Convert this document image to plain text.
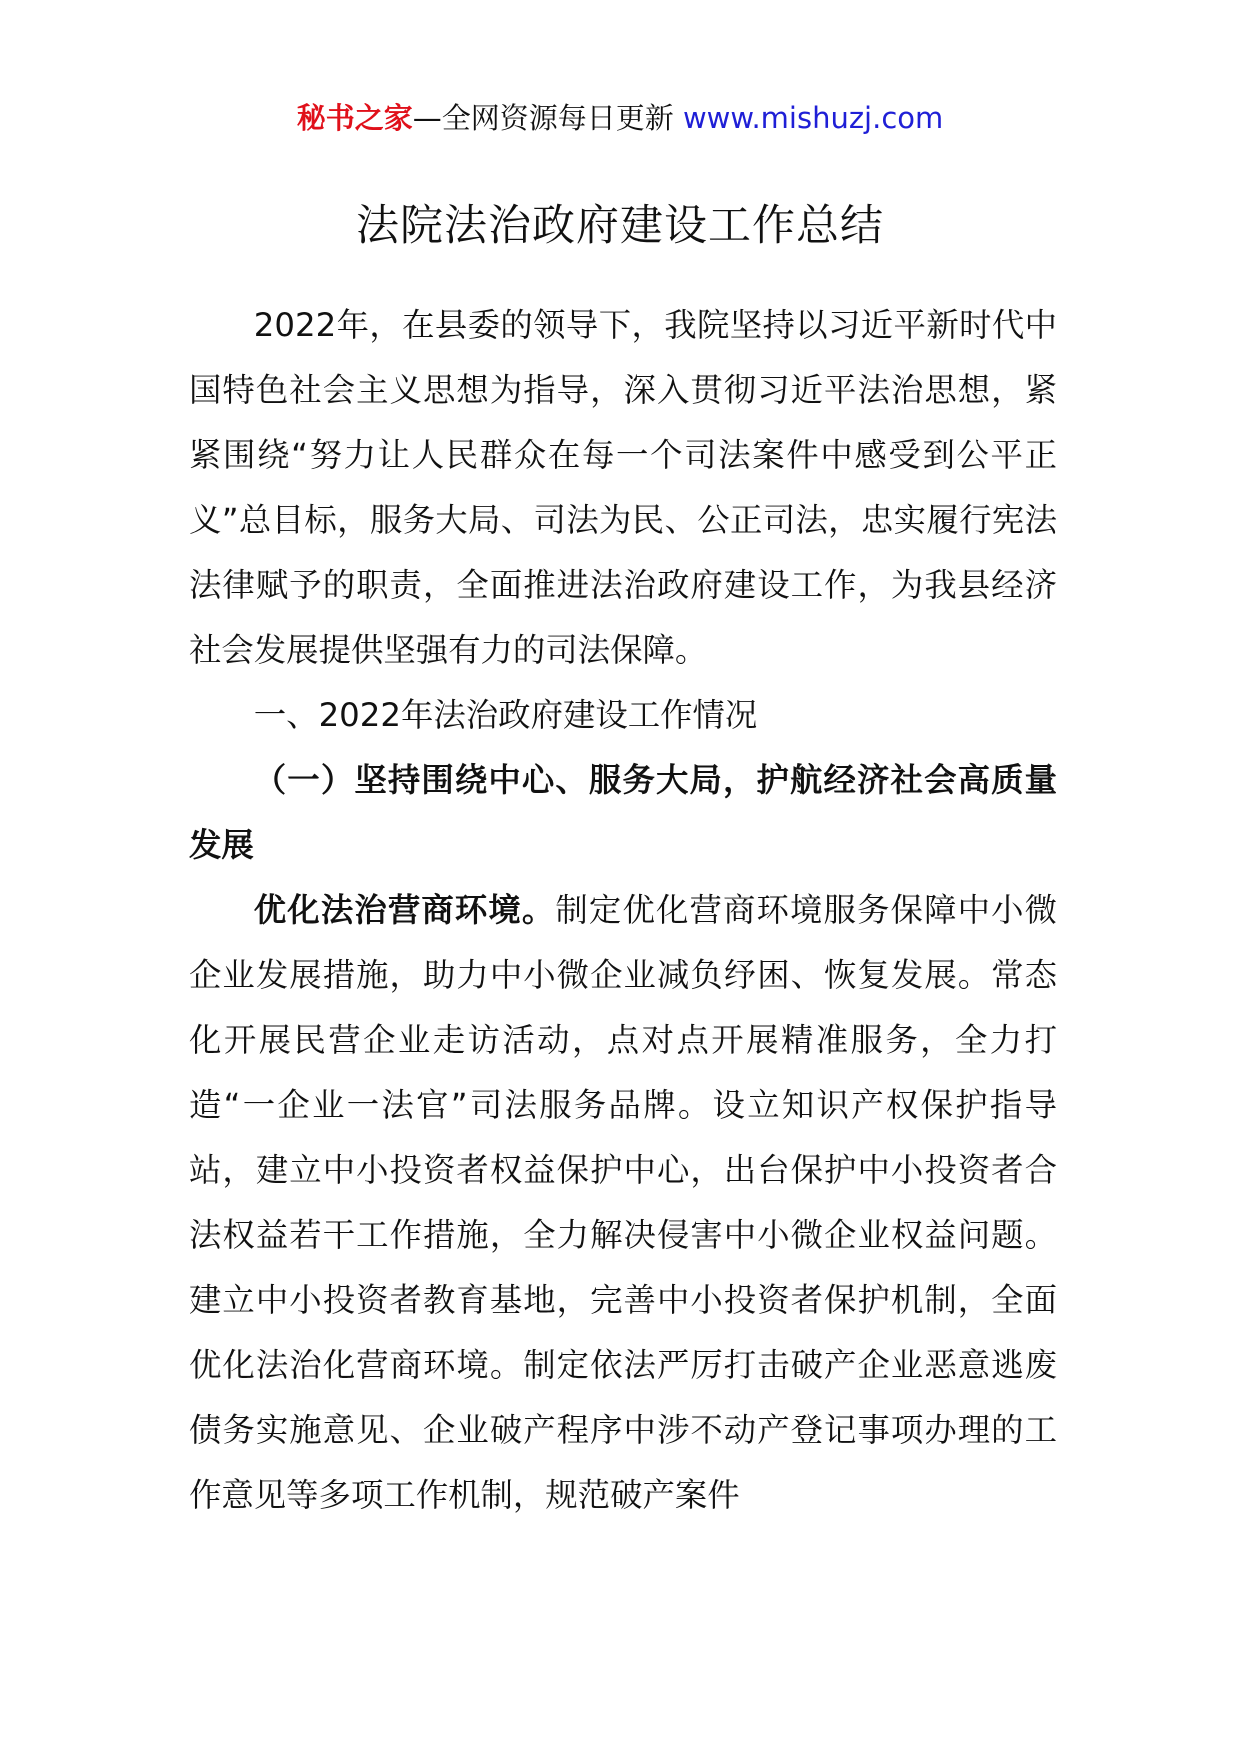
秘书之家—全网资源每日更新 www.mishuzj.com
法院法治政府建设工作总结

2022年，在县委的领导下，我院坚持以习近平新时代中国特色社会主义思想为指导，深入贯彻习近平法治思想，紧紧围绕“努力让人民群众在每一个司法案件中感受到公平正义”总目标，服务大局、司法为民、公正司法，忠实履行宪法法律赋予的职责，全面推进法治政府建设工作，为我县经济社会发展提供坚强有力的司法保障。

一、2022年法治政府建设工作情况

（一）坚持围绕中心、服务大局，护航经济社会高质量发展

优化法治营商环境。制定优化营商环境服务保障中小微企业发展措施，助力中小微企业减负纾困、恢复发展。常态化开展民营企业走访活动，点对点开展精准服务，全力打造“一企业一法官”司法服务品牌。设立知识产权保护指导站，建立中小投资者权益保护中心，出台保护中小投资者合法权益若干工作措施，全力解决侵害中小微企业权益问题。建立中小投资者教育基地，完善中小投资者保护机制，全面优化法治化营商环境。制定依法严厉打击破产企业恶意逃废债务实施意见、企业破产程序中涉不动产登记事项办理的工作意见等多项工作机制，规范破产案件
